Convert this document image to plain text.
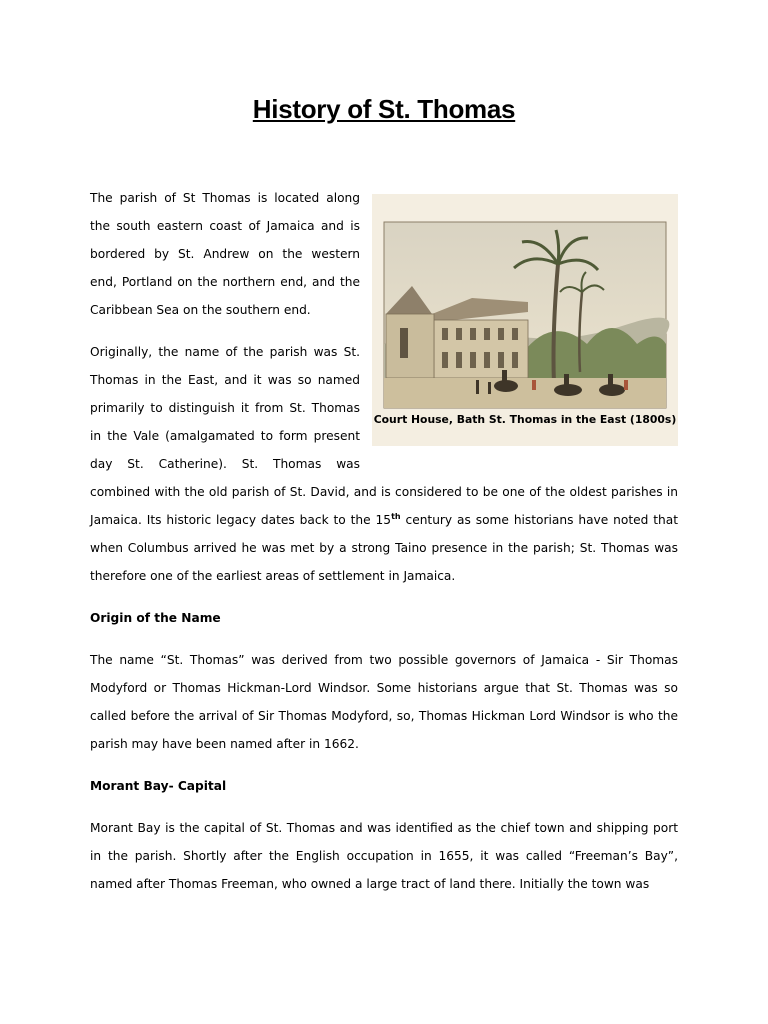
History of St. Thomas
Court House, Bath St. Thomas in the East (1800s)

The parish of St Thomas is located along the south eastern coast of Jamaica and is bordered by St. Andrew on the western end, Portland on the northern end, and the Caribbean Sea on the southern end.

Originally, the name of the parish was St. Thomas in the East, and it was so named primarily to distinguish it from St. Thomas in the Vale (amalgamated to form present day St. Catherine). St. Thomas was combined with the old parish of St. David, and is considered to be one of the oldest parishes in Jamaica. Its historic legacy dates back to the 15th century as some historians have noted that when Columbus arrived he was met by a strong Taino presence in the parish; St. Thomas was therefore one of the earliest areas of settlement in Jamaica.

Origin of the Name

The name “St. Thomas” was derived from two possible governors of Jamaica - Sir Thomas Modyford or Thomas Hickman-Lord Windsor. Some historians argue that St. Thomas was so called before the arrival of Sir Thomas Modyford, so, Thomas Hickman Lord Windsor is who the parish may have been named after in 1662.

Morant Bay- Capital

Morant Bay is the capital of St. Thomas and was identified as the chief town and shipping port in the parish. Shortly after the English occupation in 1655, it was called “Freeman’s Bay”, named after Thomas Freeman, who owned a large tract of land there. Initially the town was
